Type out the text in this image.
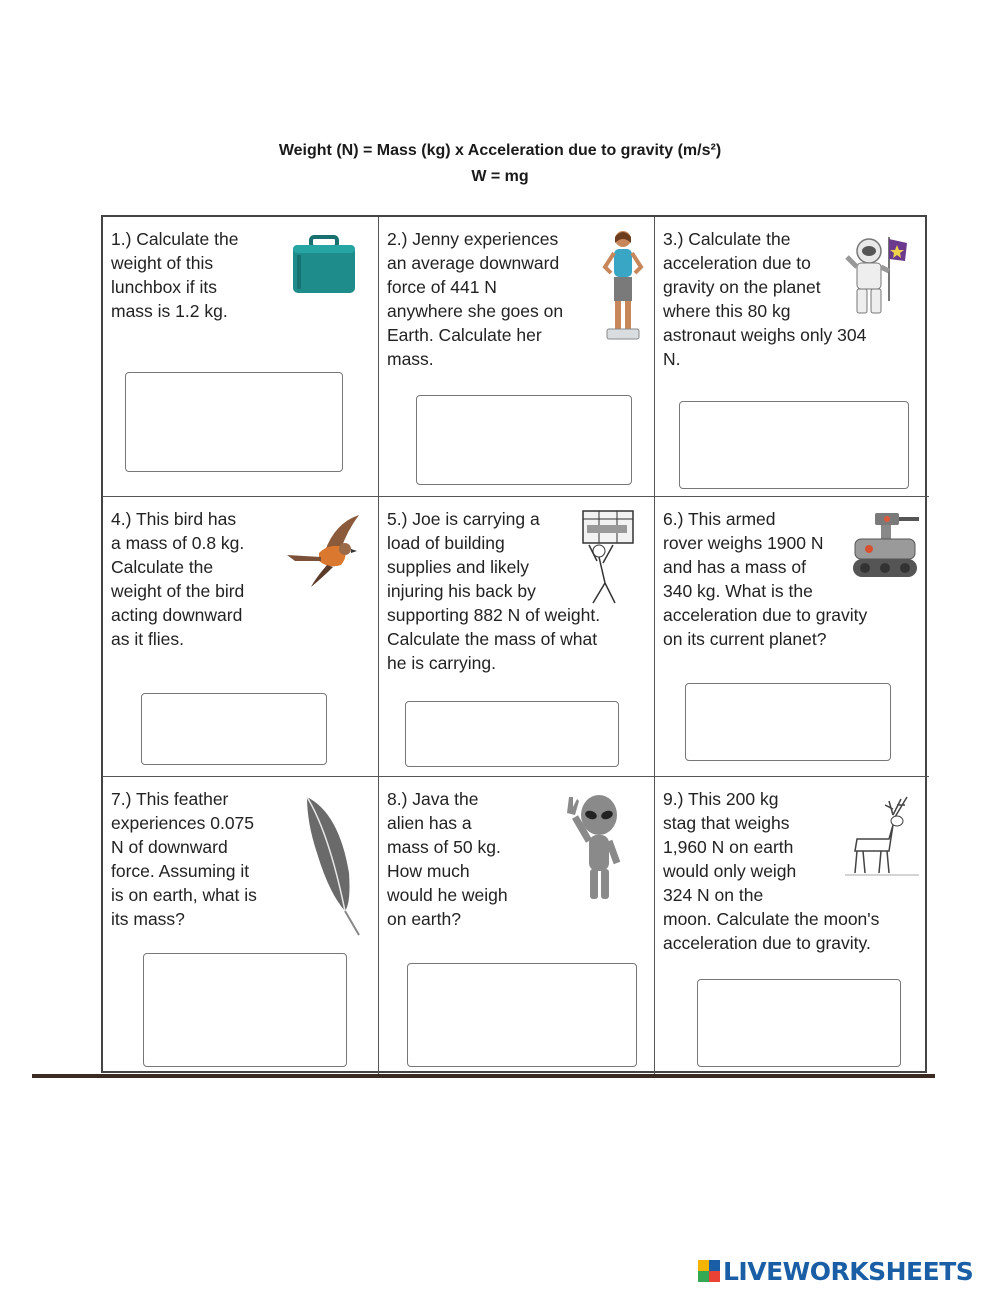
Weight (N) = Mass (kg) x Acceleration due to gravity (m/s²)
W = mg
1.) Calculate the
weight of this
lunchbox if its
mass is 1.2 kg.
2.) Jenny experiences
an average downward
force of 441 N
anywhere she goes on
Earth. Calculate her
mass.
3.) Calculate the
acceleration due to
gravity on the planet
where this 80 kg
astronaut weighs only 304
N.
4.) This bird has
a mass of 0.8 kg.
Calculate the
weight of the bird
acting downward
as it flies.
5.) Joe is carrying a
load of building
supplies and likely
injuring his back by
supporting 882 N of weight.
Calculate the mass of what
he is carrying.
6.) This armed
rover weighs 1900 N
and has a mass of
340 kg. What is the
acceleration due to gravity
on its current planet?
7.) This feather
experiences 0.075
N of downward
force. Assuming it
is on earth, what is
its mass?
8.) Java the
alien has a
mass of 50 kg.
How much
would he weigh
on earth?
9.) This 200 kg
stag that weighs
1,960 N on earth
would only weigh
324 N on the
moon. Calculate the moon's
acceleration due to gravity.
LIVEWORKSHEETS
